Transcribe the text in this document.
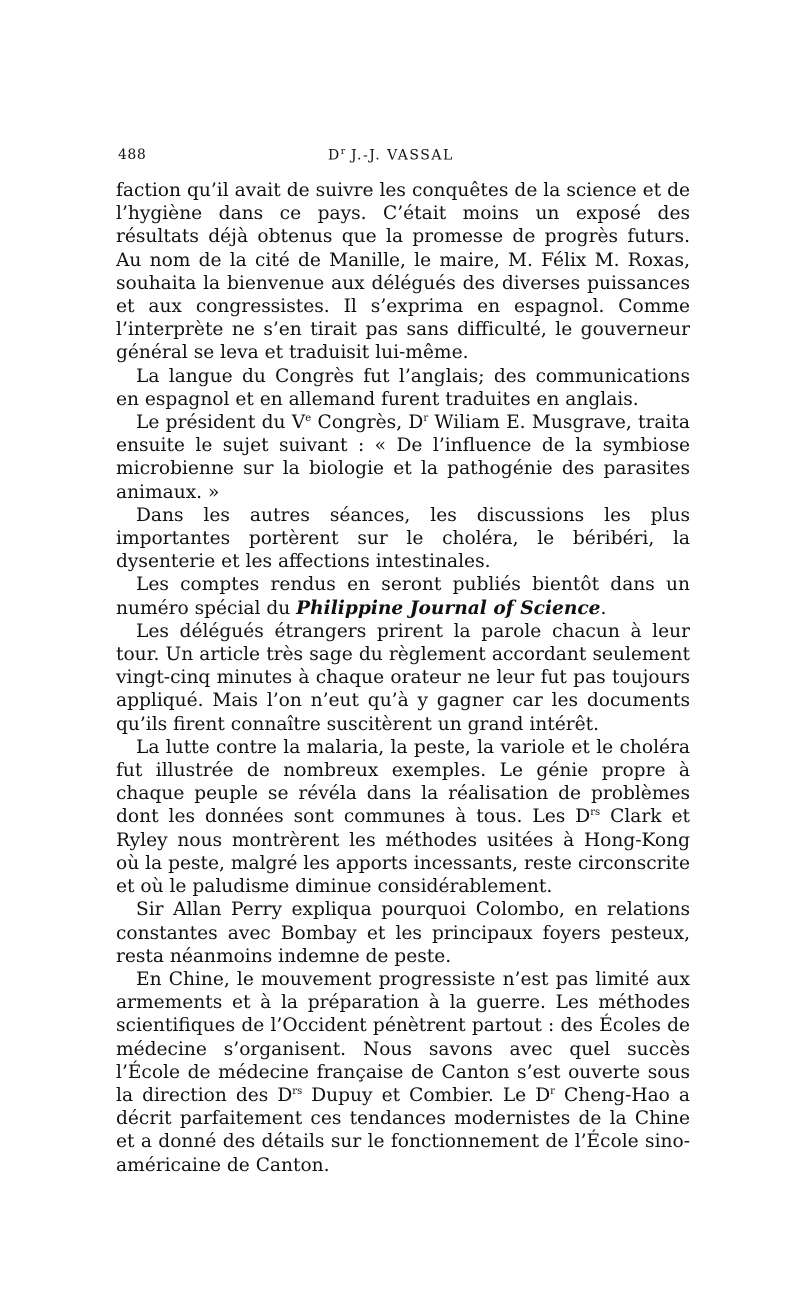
488	$D^r$ J.-J. VASSAL

faction qu’il avait de suivre les conquêtes de la science et de l’hygiène dans ce pays. C’était moins un exposé des résultats déjà obtenus que la promesse de progrès futurs. Au nom de la cité de Manille, le maire, M. Félix M. Roxas, souhaita la bienvenue aux délégués des diverses puissances et aux congressistes. Il s’exprima en espagnol. Comme l’interprète ne s’en tirait pas sans difficulté, le gouverneur général se leva et traduisit lui-même.

La langue du Congrès fut l’anglais; des communications en espagnol et en allemand furent traduites en anglais.

Le président du Ve Congrès, $D^r$ Wiliam E. Musgrave, traita ensuite le sujet suivant : « De l’influence de la symbiose microbienne sur la biologie et la pathogénie des parasites animaux. »

Dans les autres séances, les discussions les plus importantes portèrent sur le choléra, le béribéri, la dysenterie et les affections intestinales.

Les comptes rendus en seront publiés bientôt dans un numéro spécial du Philippine Journal of Science.

Les délégués étrangers prirent la parole chacun à leur tour. Un article très sage du règlement accordant seulement vingt-cinq minutes à chaque orateur ne leur fut pas toujours appliqué. Mais l’on n’eut qu’à y gagner car les documents qu’ils firent connaître suscitèrent un grand intérêt.

La lutte contre la malaria, la peste, la variole et le choléra fut illustrée de nombreux exemples. Le génie propre à chaque peuple se révéla dans la réalisation de problèmes dont les données sont communes à tous. Les $D^{rs}$ Clark et Ryley nous montrèrent les méthodes usitées à Hong-Kong où la peste, malgré les apports incessants, reste circonscrite et où le paludisme diminue considérablement.

Sir Allan Perry expliqua pourquoi Colombo, en relations constantes avec Bombay et les principaux foyers pesteux, resta néanmoins indemne de peste.

En Chine, le mouvement progressiste n’est pas limité aux armements et à la préparation à la guerre. Les méthodes scientifiques de l’Occident pénètrent partout : des Écoles de médecine s’organisent. Nous savons avec quel succès l’École de médecine française de Canton s’est ouverte sous la direction des $D^{rs}$ Dupuy et Combier. Le $D^r$ Cheng-Hao a décrit parfaitement ces tendances modernistes de la Chine et a donné des détails sur le fonctionnement de l’École sino-américaine de Canton.
